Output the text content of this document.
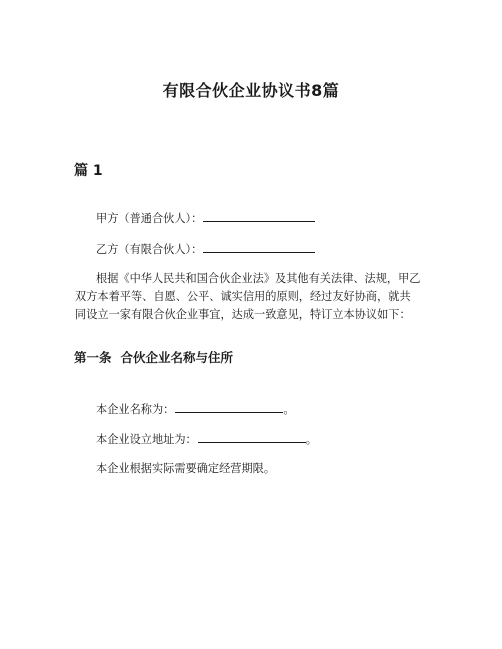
有限合伙企业协议书8篇
篇 1
甲方（普通合伙人）：
乙方（有限合伙人）：
根据《中华人民共和国合伙企业法》及其他有关法律、法规，甲乙
双方本着平等、自愿、公平、诚实信用的原则，经过友好协商，就共
同设立一家有限合伙企业事宜，达成一致意见，特订立本协议如下：
第一条 合伙企业名称与住所
本企业名称为：	。
本企业设立地址为：	。
本企业根据实际需要确定经营期限。
